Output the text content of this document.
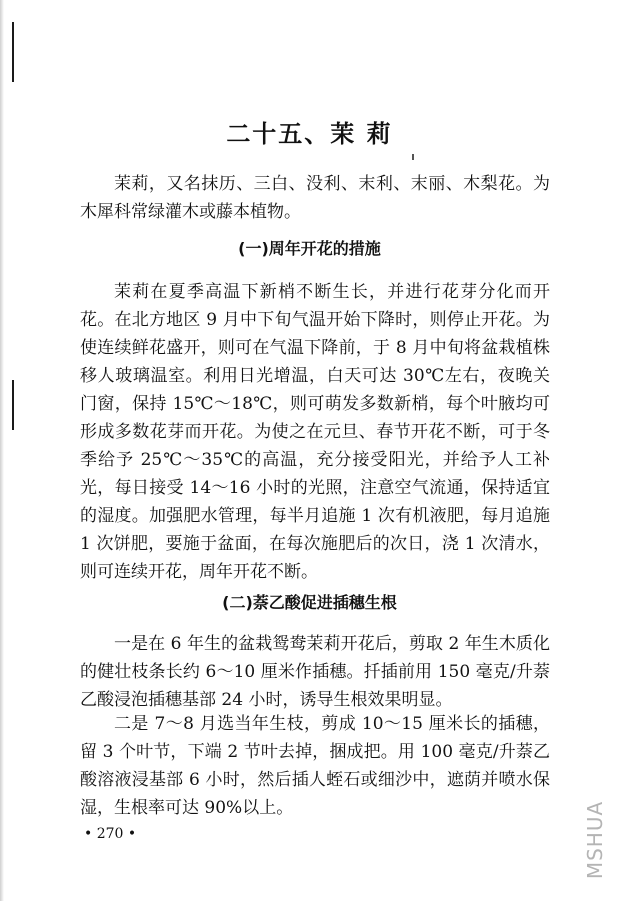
二十五、茉 莉

茉莉，又名抹历、三白、没利、末利、末丽、木梨花。为木犀科常绿灌木或藤本植物。

(一)周年开花的措施

茉莉在夏季高温下新梢不断生长，并进行花芽分化而开花。在北方地区 9 月中下旬气温开始下降时，则停止开花。为使连续鲜花盛开，则可在气温下降前，于 8 月中旬将盆栽植株移人玻璃温室。利用日光增温，白天可达 30℃左右，夜晚关门窗，保持 15℃～18℃，则可萌发多数新梢，每个叶腋均可形成多数花芽而开花。为使之在元旦、春节开花不断，可于冬季给予 25℃～35℃的高温，充分接受阳光，并给予人工补光，每日接受 14～16 小时的光照，注意空气流通，保持适宜的湿度。加强肥水管理，每半月追施 1 次有机液肥，每月追施 1 次饼肥，要施于盆面，在每次施肥后的次日，浇 1 次清水，则可连续开花，周年开花不断。

(二)萘乙酸促进插穗生根

一是在 6 年生的盆栽鸳鸯茉莉开花后，剪取 2 年生木质化的健壮枝条长约 6～10 厘米作插穗。扦插前用 150 毫克/升萘乙酸浸泡插穗基部 24 小时，诱导生根效果明显。

二是 7～8 月选当年生枝，剪成 10～15 厘米长的插穗，留 3 个叶节，下端 2 节叶去掉，捆成把。用 100 毫克/升萘乙酸溶液浸基部 6 小时，然后插人蛭石或细沙中，遮荫并喷水保湿，生根率可达 90%以上。

• 270 •	MSHUA
